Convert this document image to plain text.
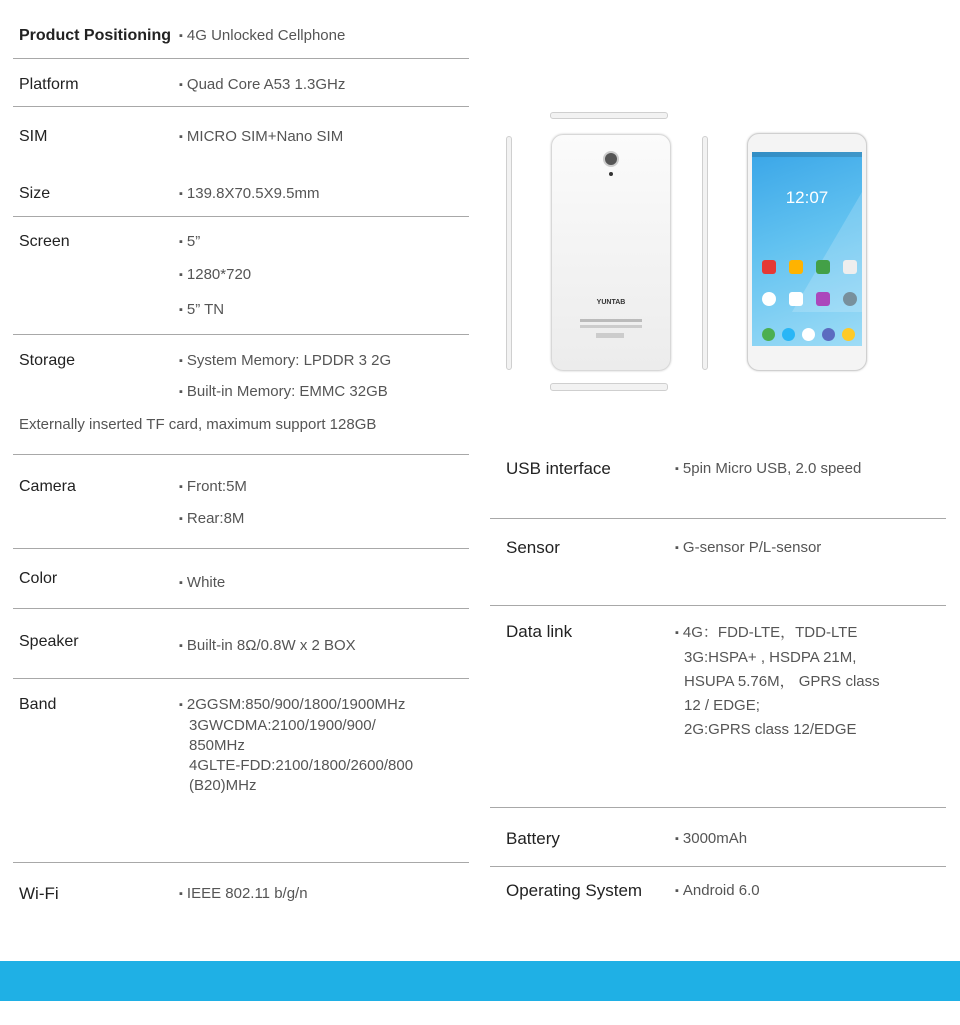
Product Positioning	▪ 4G Unlocked Cellphone
Platform	▪ Quad Core A53 1.3GHz
SIM	▪ MICRO SIM+Nano SIM
Size	▪ 139.8X70.5X9.5mm
Screen	▪ 5”
▪ 1280*720
▪ 5” TN
Storage	▪ System Memory: LPDDR 3 2G
▪ Built-in Memory: EMMC 32GB
Externally inserted TF card, maximum support 128GB
Camera	▪ Front:5M
▪ Rear:8M
Color	▪ White
Speaker	▪ Built-in 8Ω/0.8W x 2 BOX
Band	▪ 2GGSM:850/900/1800/1900MHz
3GWCDMA:2100/1900/900/
850MHz
4GLTE-FDD:2100/1800/2600/800
(B20)MHz
Wi-Fi	▪ IEEE 802.11 b/g/n
YUNTAB
12:07
USB interface	▪ 5pin Micro USB, 2.0 speed
Sensor	▪ G-sensor P/L-sensor
Data link	▪ 4G：FDD-LTE，TDD-LTE
3G:HSPA+ , HSDPA 21M,
HSUPA 5.76M， GPRS class
12 / EDGE;
2G:GPRS class 12/EDGE
Battery	▪ 3000mAh
Operating System	▪ Android 6.0
